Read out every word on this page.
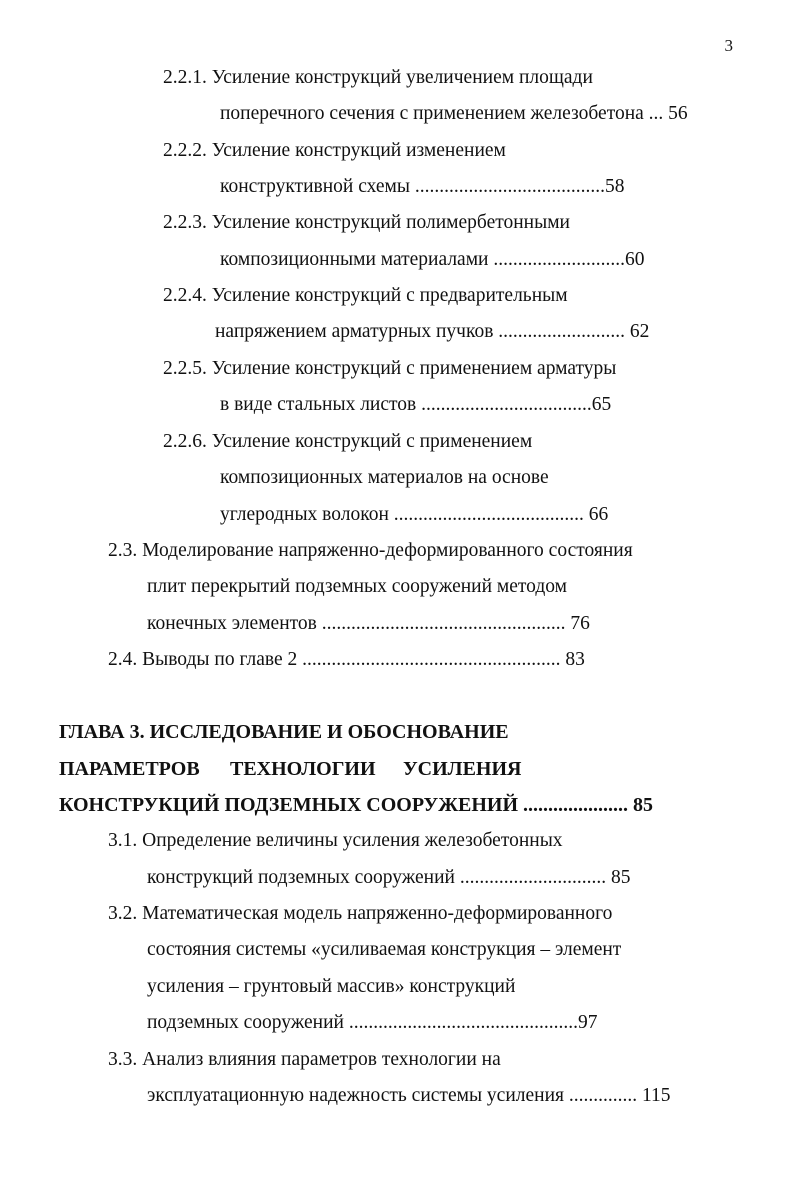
3
2.2.1. Усиление конструкций увеличением площади
поперечного сечения с применением железобетона ... 56
2.2.2. Усиление конструкций изменением
конструктивной схемы .......................................58
2.2.3. Усиление конструкций полимербетонными
композиционными материалами ...........................60
2.2.4. Усиление конструкций с предварительным
напряжением арматурных пучков .......................... 62
2.2.5. Усиление конструкций с применением арматуры
в виде стальных листов ...................................65
2.2.6. Усиление конструкций с применением
композиционных материалов на основе
углеродных волокон ....................................... 66
2.3. Моделирование напряженно-деформированного состояния
плит перекрытий подземных сооружений методом
конечных элементов .................................................. 76
2.4. Выводы по главе 2 ..................................................... 83
ГЛАВА 3. ИССЛЕДОВАНИЕ И ОБОСНОВАНИЕ
ПАРАМЕТРОВ ТЕХНОЛОГИИ УСИЛЕНИЯ
КОНСТРУКЦИЙ ПОДЗЕМНЫХ СООРУЖЕНИЙ ..................... 85
3.1. Определение величины усиления железобетонных
конструкций подземных сооружений .............................. 85
3.2. Математическая модель напряженно-деформированного
состояния системы «усиливаемая конструкция – элемент
усиления – грунтовый массив» конструкций
подземных сооружений ...............................................97
3.3. Анализ влияния параметров технологии на
эксплуатационную надежность системы усиления .............. 115
